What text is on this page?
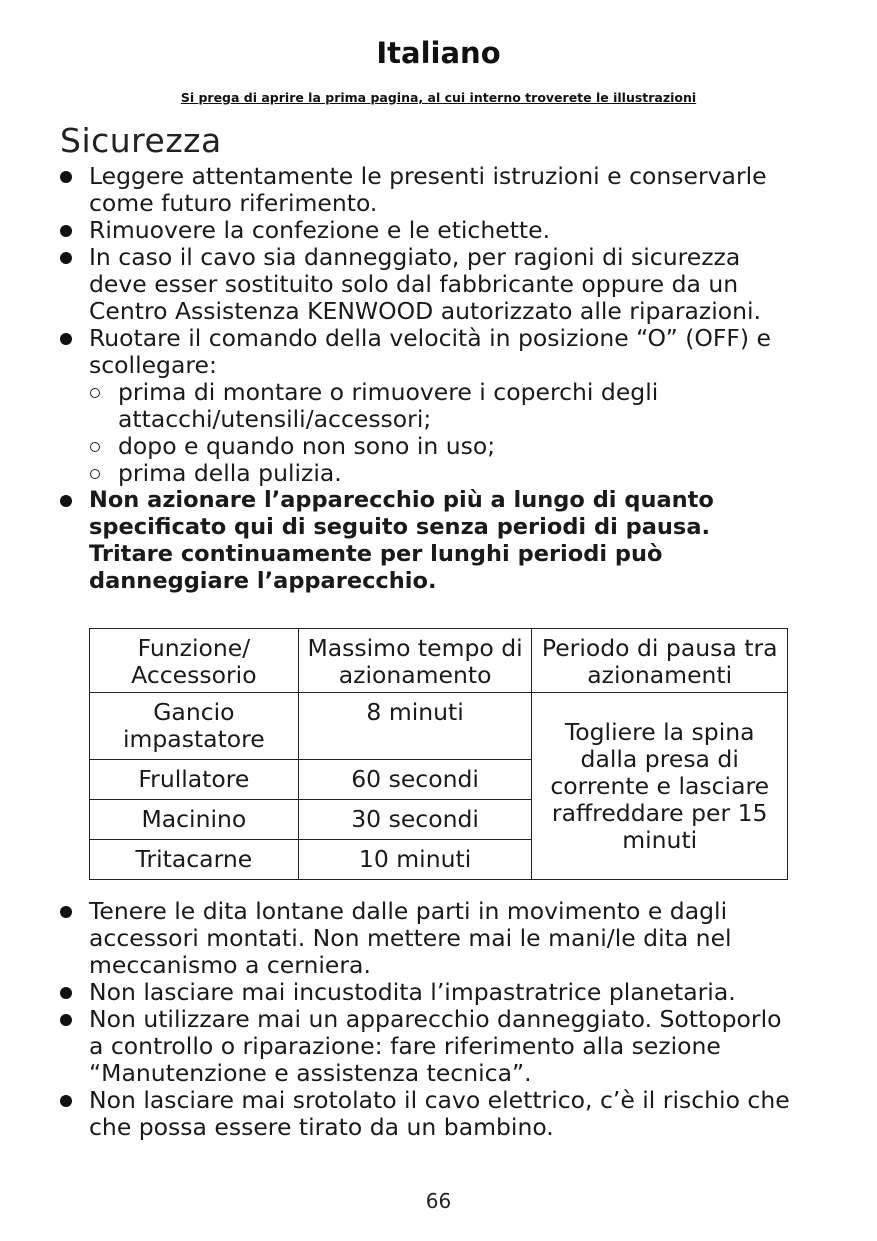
Italiano
Si prega di aprire la prima pagina, al cui interno troverete le illustrazioni
Sicurezza
Leggere attentamente le presenti istruzioni e conservarle come futuro riferimento.
Rimuovere la confezione e le etichette.
In caso il cavo sia danneggiato, per ragioni di sicurezza deve esser sostituito solo dal fabbricante oppure da un Centro Assistenza KENWOOD autorizzato alle riparazioni.
Ruotare il comando della velocità in posizione “O” (OFF) e scollegare:
prima di montare o rimuovere i coperchi degli attacchi/utensili/accessori;
dopo e quando non sono in uso;
prima della pulizia.
Non azionare l’apparecchio più a lungo di quanto specificato qui di seguito senza periodi di pausa. Tritare continuamente per lunghi periodi può danneggiare l’apparecchio.
Funzione/ Accessorio	Massimo tempo di azionamento	Periodo di pausa tra azionamenti
Gancio impastatore	8 minuti	Togliere la spina dalla presa di corrente e lasciare raffreddare per 15 minuti
Frullatore	60 secondi	
Macinino	30 secondi	
Tritacarne	10 minuti	
Tenere le dita lontane dalle parti in movimento e dagli accessori montati. Non mettere mai le mani/le dita nel meccanismo a cerniera.
Non lasciare mai incustodita l’impastratrice planetaria.
Non utilizzare mai un apparecchio danneggiato. Sottoporlo a controllo o riparazione: fare riferimento alla sezione “Manutenzione e assistenza tecnica”.
Non lasciare mai srotolato il cavo elettrico, c’è il rischio che che possa essere tirato da un bambino.
66
